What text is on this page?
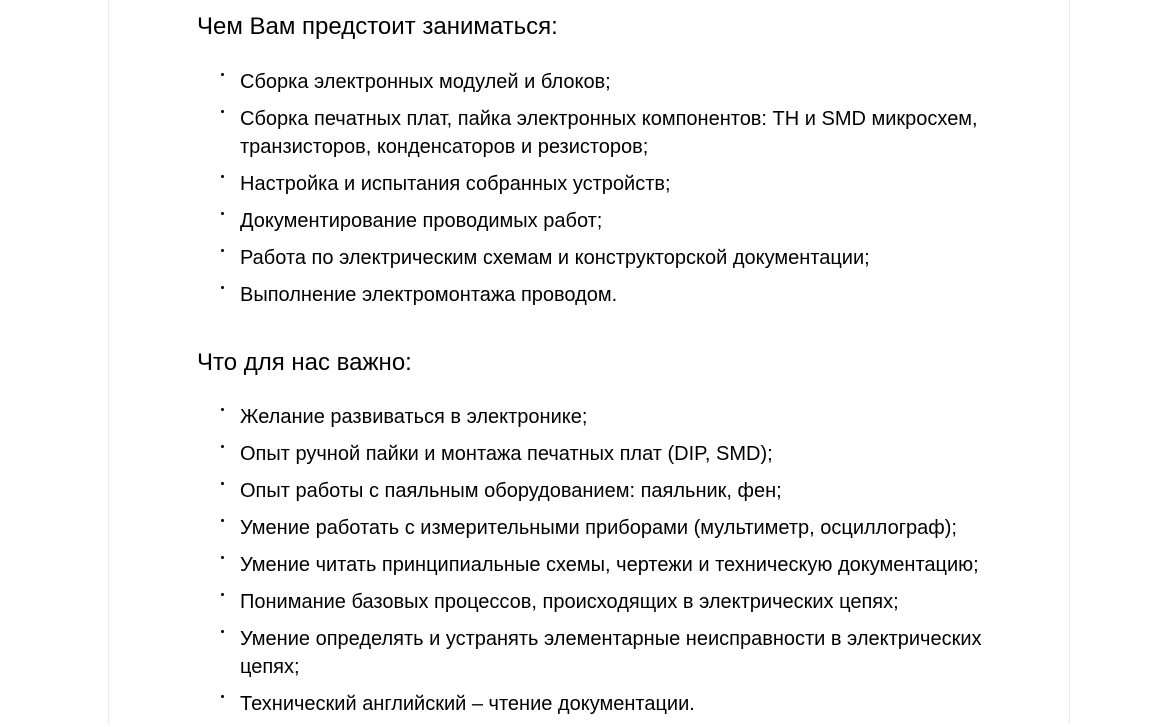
Чем Вам предстоит заниматься:
Сборка электронных модулей и блоков;
Сборка печатных плат, пайка электронных компонентов: TH и SMD микросхем, транзисторов, конденсаторов и резисторов;
Настройка и испытания собранных устройств;
Документирование проводимых работ;
Работа по электрическим схемам и конструкторской документации;
Выполнение электромонтажа проводом.
Что для нас важно:
Желание развиваться в электронике;
Опыт ручной пайки и монтажа печатных плат (DIP, SMD);
Опыт работы с паяльным оборудованием: паяльник, фен;
Умение работать с измерительными приборами (мультиметр, осциллограф);
Умение читать принципиальные схемы, чертежи и техническую документацию;
Понимание базовых процессов, происходящих в электрических цепях;
Умение определять и устранять элементарные неисправности в электрических цепях;
Технический английский – чтение документации.
